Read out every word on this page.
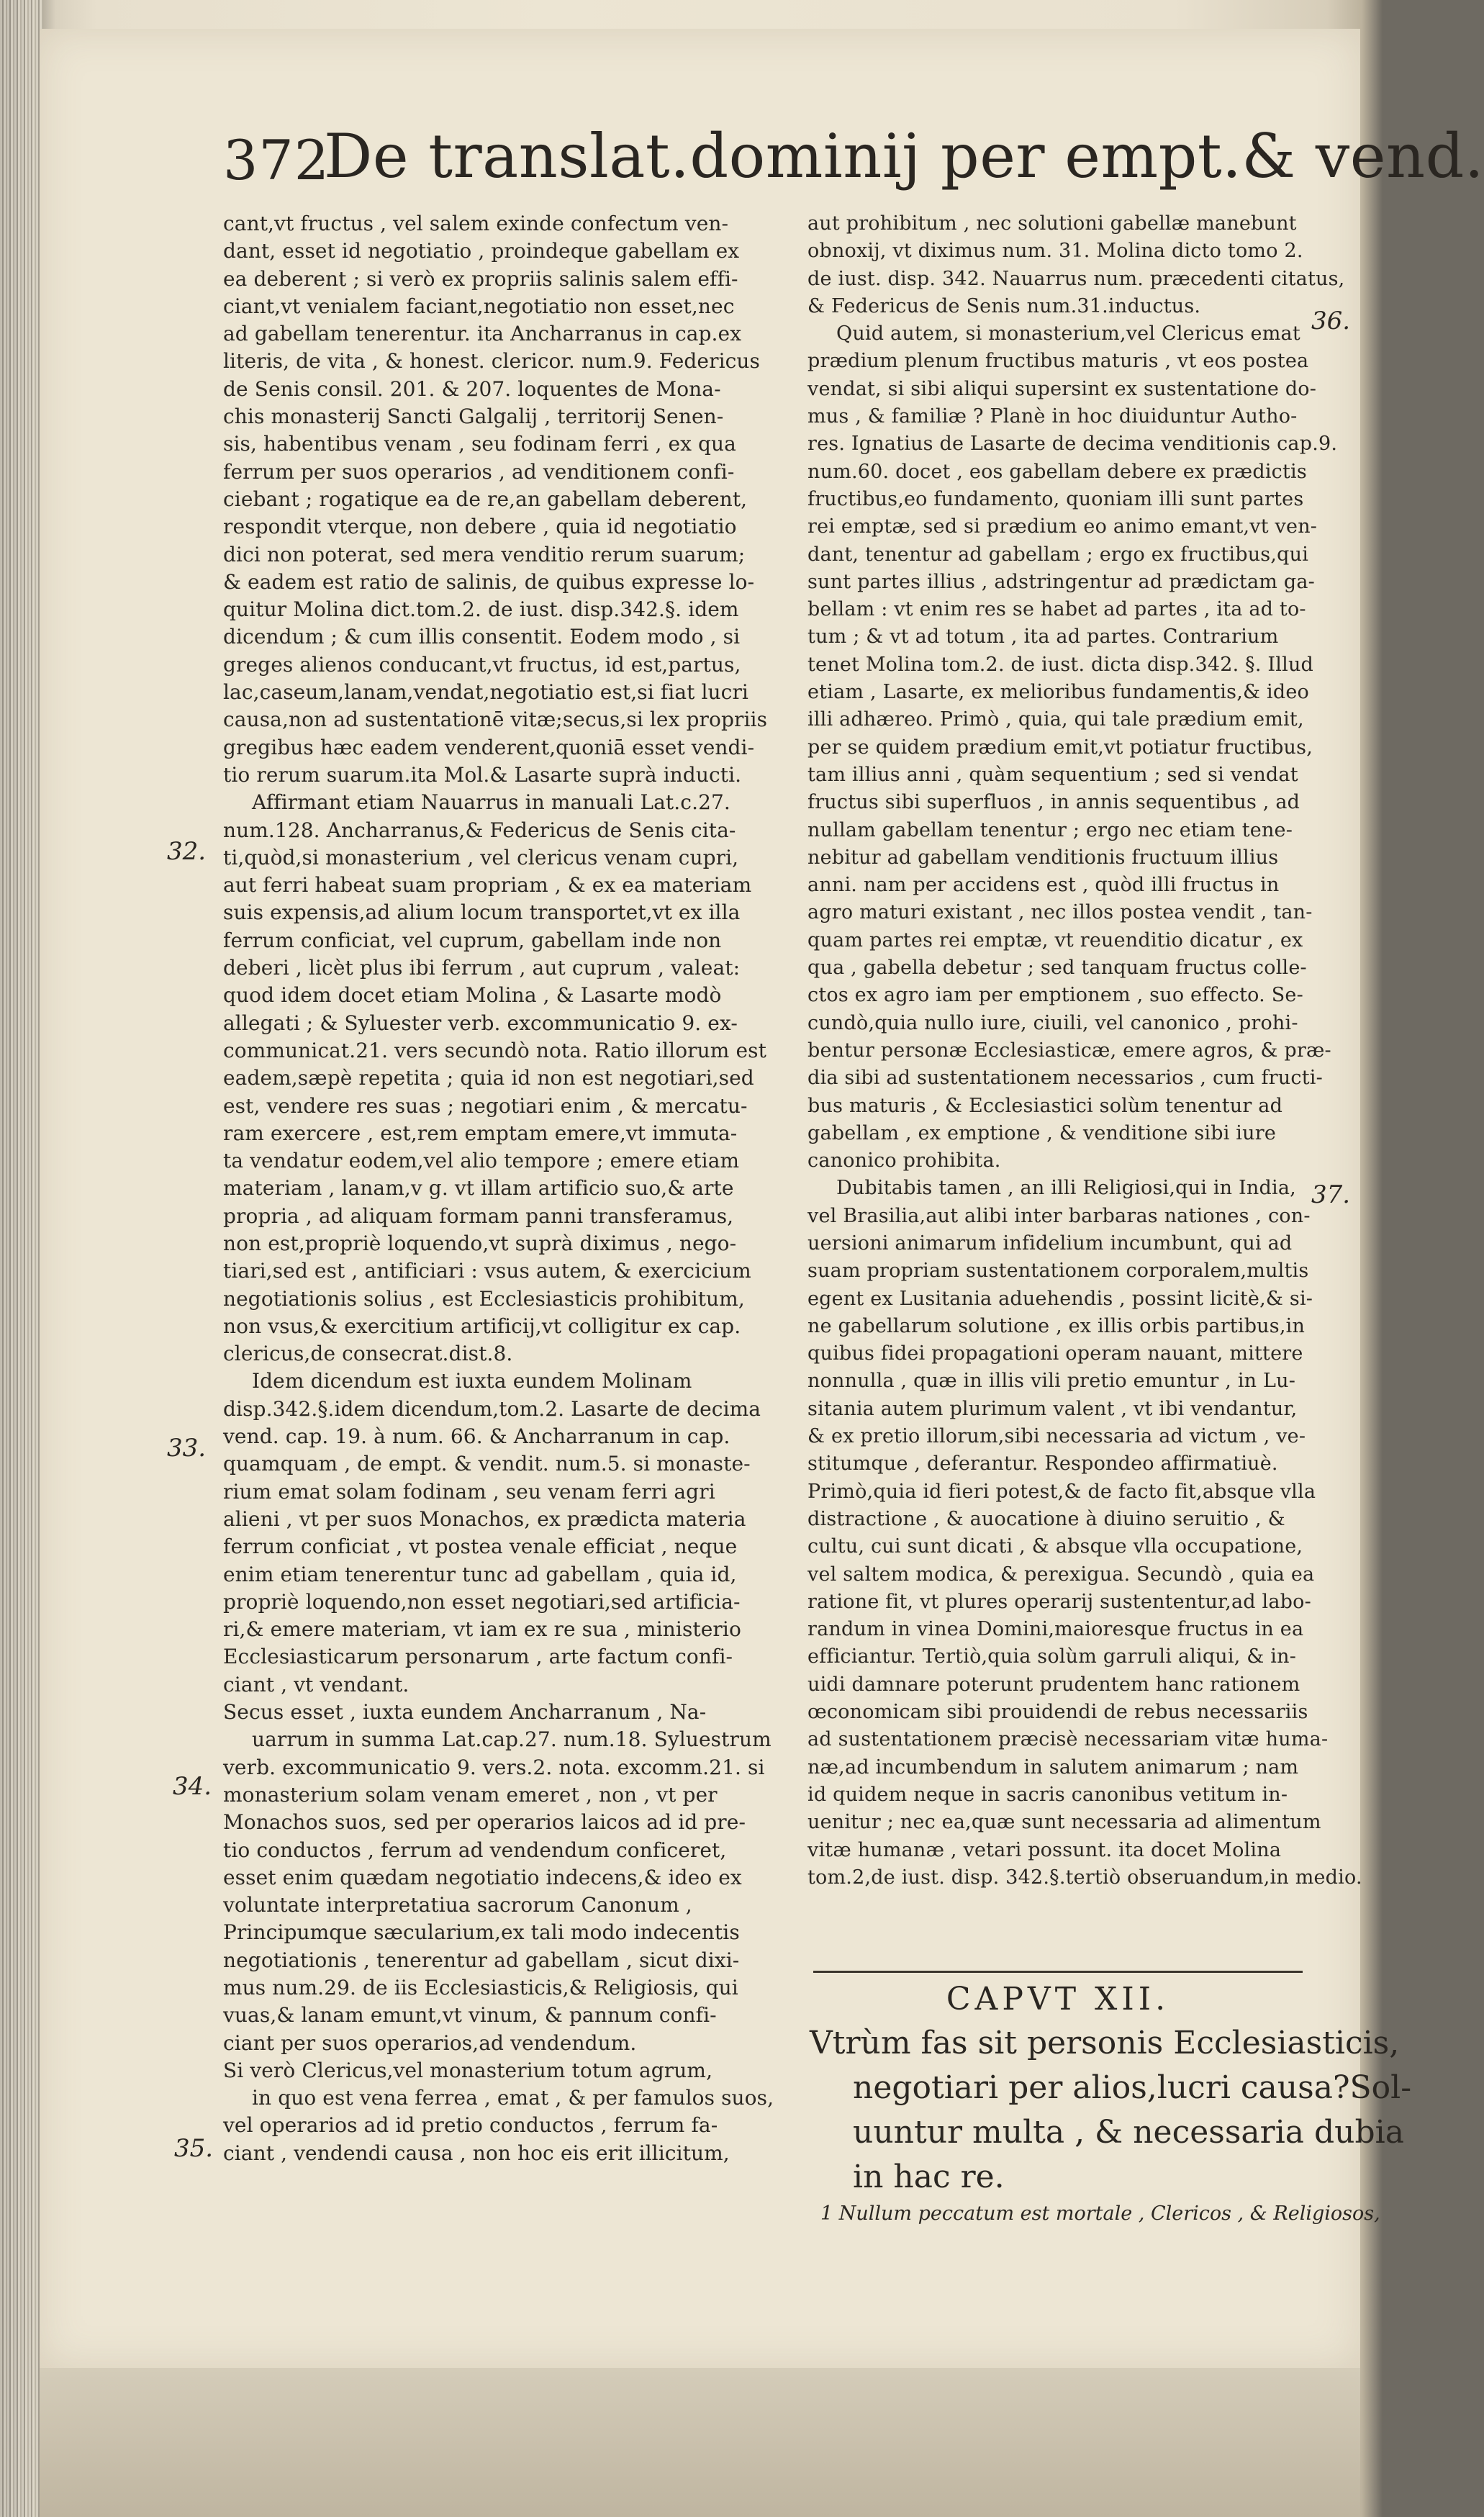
372
De translat.dominij per empt.& vend.
cant,vt fructus , vel salem exinde confectum ven-
dant, esset id negotiatio , proindeque gabellam ex
ea deberent ; si verò ex propriis salinis salem effi-
ciant,vt venialem faciant,negotiatio non esset,nec
ad gabellam tenerentur. ita Ancharranus in cap.ex
literis, de vita , & honest. clericor. num.9. Federicus
de Senis consil. 201. & 207. loquentes de Mona-
chis monasterij Sancti Galgalij , territorij Senen-
sis, habentibus venam , seu fodinam ferri , ex qua
ferrum per suos operarios , ad venditionem confi-
ciebant ; rogatique ea de re,an gabellam deberent,
respondit vterque, non debere , quia id negotiatio
dici non poterat, sed mera venditio rerum suarum;
& eadem est ratio de salinis, de quibus expresse lo-
quitur Molina dict.tom.2. de iust. disp.342.§. idem
dicendum ; & cum illis consentit. Eodem modo , si
greges alienos conducant,vt fructus, id est,partus,
lac,caseum,lanam,vendat,negotiatio est,si fiat lucri
causa,non ad sustentationē vitæ;secus,si lex propriis
gregibus hæc eadem venderent,quoniā esset vendi-
tio rerum suarum.ita Mol.& Lasarte suprà inducti.
Affirmant etiam Nauarrus in manuali Lat.c.27.
num.128. Ancharranus,& Federicus de Senis cita-
ti,quòd,si monasterium , vel clericus venam cupri,
aut ferri habeat suam propriam , & ex ea materiam
suis expensis,ad alium locum transportet,vt ex illa
ferrum conficiat, vel cuprum, gabellam inde non
deberi , licèt plus ibi ferrum , aut cuprum , valeat:
quod idem docet etiam Molina , & Lasarte modò
allegati ; & Syluester verb. excommunicatio 9. ex-
communicat.21. vers secundò nota. Ratio illorum est
eadem,sæpè repetita ; quia id non est negotiari,sed
est, vendere res suas ; negotiari enim , & mercatu-
ram exercere , est,rem emptam emere,vt immuta-
ta vendatur eodem,vel alio tempore ; emere etiam
materiam , lanam,v g. vt illam artificio suo,& arte
propria , ad aliquam formam panni transferamus,
non est,propriè loquendo,vt suprà diximus , nego-
tiari,sed est , antificiari : vsus autem, & exercicium
negotiationis solius , est Ecclesiasticis prohibitum,
non vsus,& exercitium artificij,vt colligitur ex cap.
clericus,de consecrat.dist.8.
Idem dicendum est iuxta eundem Molinam
disp.342.§.idem dicendum,tom.2. Lasarte de decima
vend. cap. 19. à num. 66. & Ancharranum in cap.
quamquam , de empt. & vendit. num.5. si monaste-
rium emat solam fodinam , seu venam ferri agri
alieni , vt per suos Monachos, ex prædicta materia
ferrum conficiat , vt postea venale efficiat , neque
enim etiam tenerentur tunc ad gabellam , quia id,
propriè loquendo,non esset negotiari,sed artificia-
ri,& emere materiam, vt iam ex re sua , ministerio
Ecclesiasticarum personarum , arte factum confi-
ciant , vt vendant.
Secus esset , iuxta eundem Ancharranum , Na-
uarrum in summa Lat.cap.27. num.18. Syluestrum
verb. excommunicatio 9. vers.2. nota. excomm.21. si
monasterium solam venam emeret , non , vt per
Monachos suos, sed per operarios laicos ad id pre-
tio conductos , ferrum ad vendendum conficeret,
esset enim quædam negotiatio indecens,& ideo ex
voluntate interpretatiua sacrorum Canonum ,
Principumque sæcularium,ex tali modo indecentis
negotiationis , tenerentur ad gabellam , sicut dixi-
mus num.29. de iis Ecclesiasticis,& Religiosis, qui
vuas,& lanam emunt,vt vinum, & pannum confi-
ciant per suos operarios,ad vendendum.
Si verò Clericus,vel monasterium totum agrum,
in quo est vena ferrea , emat , & per famulos suos,
vel operarios ad id pretio conductos , ferrum fa-
ciant , vendendi causa , non hoc eis erit illicitum,
aut prohibitum , nec solutioni gabellæ manebunt
obnoxij, vt diximus num. 31. Molina dicto tomo 2.
de iust. disp. 342. Nauarrus num. præcedenti citatus,
& Federicus de Senis num.31.inductus.
Quid autem, si monasterium,vel Clericus emat
prædium plenum fructibus maturis , vt eos postea
vendat, si sibi aliqui supersint ex sustentatione do-
mus , & familiæ ? Planè in hoc diuiduntur Autho-
res. Ignatius de Lasarte de decima venditionis cap.9.
num.60. docet , eos gabellam debere ex prædictis
fructibus,eo fundamento, quoniam illi sunt partes
rei emptæ, sed si prædium eo animo emant,vt ven-
dant, tenentur ad gabellam ; ergo ex fructibus,qui
sunt partes illius , adstringentur ad prædictam ga-
bellam : vt enim res se habet ad partes , ita ad to-
tum ; & vt ad totum , ita ad partes. Contrarium
tenet Molina tom.2. de iust. dicta disp.342. §. Illud
etiam , Lasarte, ex melioribus fundamentis,& ideo
illi adhæreo. Primò , quia, qui tale prædium emit,
per se quidem prædium emit,vt potiatur fructibus,
tam illius anni , quàm sequentium ; sed si vendat
fructus sibi superfluos , in annis sequentibus , ad
nullam gabellam tenentur ; ergo nec etiam tene-
nebitur ad gabellam venditionis fructuum illius
anni. nam per accidens est , quòd illi fructus in
agro maturi existant , nec illos postea vendit , tan-
quam partes rei emptæ, vt reuenditio dicatur , ex
qua , gabella debetur ; sed tanquam fructus colle-
ctos ex agro iam per emptionem , suo effecto. Se-
cundò,quia nullo iure, ciuili, vel canonico , prohi-
bentur personæ Ecclesiasticæ, emere agros, & præ-
dia sibi ad sustentationem necessarios , cum fructi-
bus maturis , & Ecclesiastici solùm tenentur ad
gabellam , ex emptione , & venditione sibi iure
canonico prohibita.
Dubitabis tamen , an illi Religiosi,qui in India,
vel Brasilia,aut alibi inter barbaras nationes , con-
uersioni animarum infidelium incumbunt, qui ad
suam propriam sustentationem corporalem,multis
egent ex Lusitania aduehendis , possint licitè,& si-
ne gabellarum solutione , ex illis orbis partibus,in
quibus fidei propagationi operam nauant, mittere
nonnulla , quæ in illis vili pretio emuntur , in Lu-
sitania autem plurimum valent , vt ibi vendantur,
& ex pretio illorum,sibi necessaria ad victum , ve-
stitumque , deferantur. Respondeo affirmatiuè.
Primò,quia id fieri potest,& de facto fit,absque vlla
distractione , & auocatione à diuino seruitio , &
cultu, cui sunt dicati , & absque vlla occupatione,
vel saltem modica, & perexigua. Secundò , quia ea
ratione fit, vt plures operarij sustententur,ad labo-
randum in vinea Domini,maioresque fructus in ea
efficiantur. Tertiò,quia solùm garruli aliqui, & in-
uidi damnare poterunt prudentem hanc rationem
œconomicam sibi prouidendi de rebus necessariis
ad sustentationem præcisè necessariam vitæ huma-
næ,ad incumbendum in salutem animarum ; nam
id quidem neque in sacris canonibus vetitum in-
uenitur ; nec ea,quæ sunt necessaria ad alimentum
vitæ humanæ , vetari possunt. ita docet Molina
tom.2,de iust. disp. 342.§.tertiò obseruandum,in medio.
32.
33.
34.
35.
36.
37.
CAPVT XII.
Vtrùm fas sit personis Ecclesiasticis,
negotiari per alios,lucri causa?Sol-
uuntur multa , & necessaria dubia
in hac re.
1 Nullum peccatum est mortale , Clericos , & Religiosos,
